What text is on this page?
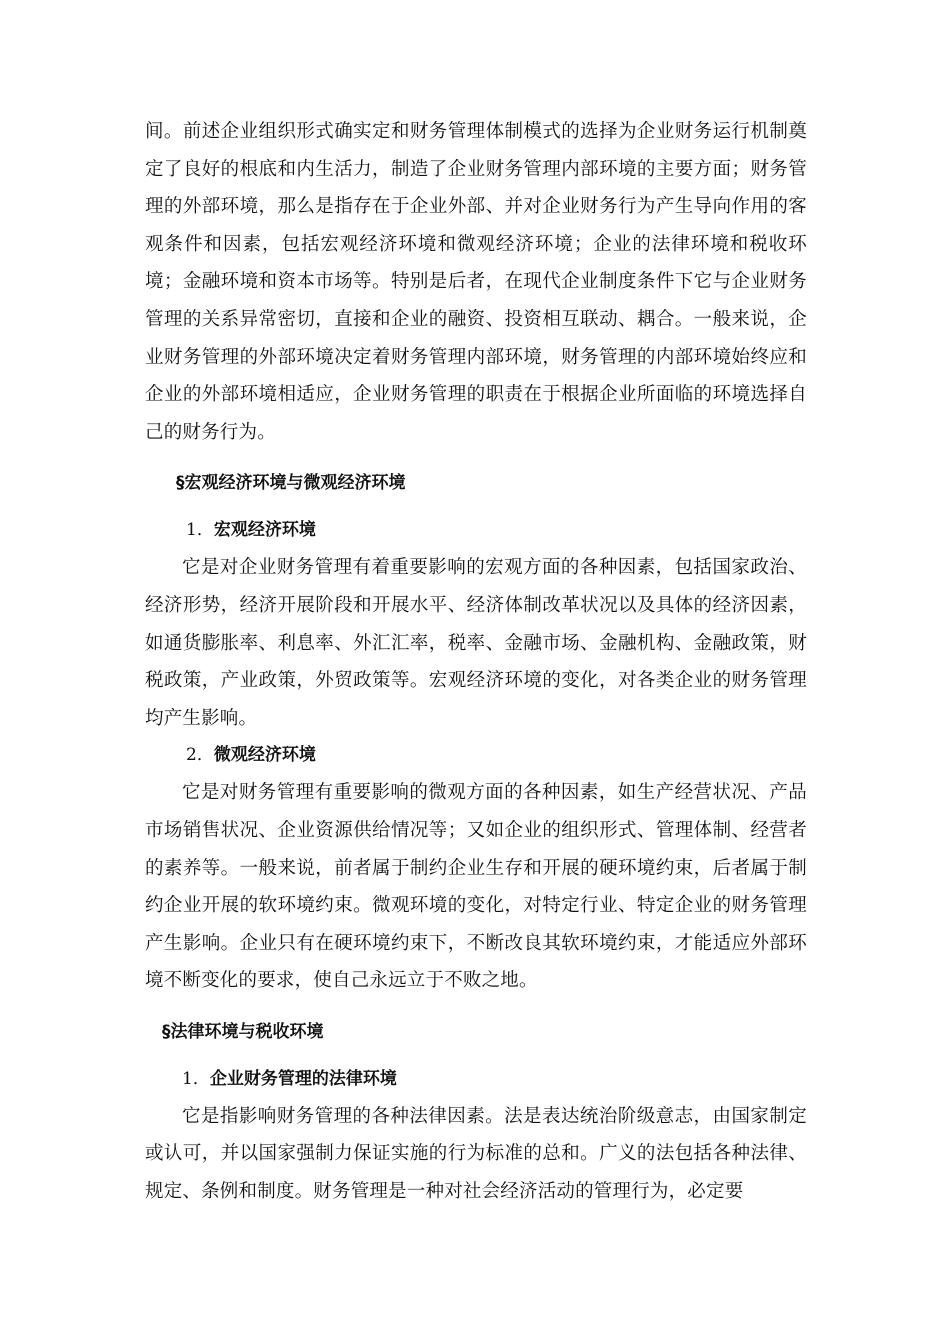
间。前述企业组织形式确实定和财务管理体制模式的选择为企业财务运行机制奠定了良好的根底和内生活力，制造了企业财务管理内部环境的主要方面；财务管理的外部环境，那么是指存在于企业外部、并对企业财务行为产生导向作用的客观条件和因素，包括宏观经济环境和微观经济环境；企业的法律环境和税收环境；金融环境和资本市场等。特别是后者，在现代企业制度条件下它与企业财务管理的关系异常密切，直接和企业的融资、投资相互联动、耦合。一般来说，企业财务管理的外部环境决定着财务管理内部环境，财务管理的内部环境始终应和企业的外部环境相适应，企业财务管理的职责在于根据企业所面临的环境选择自己的财务行为。

§宏观经济环境与微观经济环境

1．宏观经济环境

它是对企业财务管理有着重要影响的宏观方面的各种因素，包括国家政治、经济形势，经济开展阶段和开展水平、经济体制改革状况以及具体的经济因素，如通货膨胀率、利息率、外汇汇率，税率、金融市场、金融机构、金融政策，财税政策，产业政策，外贸政策等。宏观经济环境的变化，对各类企业的财务管理均产生影响。

2．微观经济环境

它是对财务管理有重要影响的微观方面的各种因素，如生产经营状况、产品市场销售状况、企业资源供给情况等；又如企业的组织形式、管理体制、经营者的素养等。一般来说，前者属于制约企业生存和开展的硬环境约束，后者属于制约企业开展的软环境约束。微观环境的变化，对特定行业、特定企业的财务管理产生影响。企业只有在硬环境约束下，不断改良其软环境约束，才能适应外部环境不断变化的要求，使自己永远立于不败之地。

§法律环境与税收环境

1．企业财务管理的法律环境

它是指影响财务管理的各种法律因素。法是表达统治阶级意志，由国家制定或认可，并以国家强制力保证实施的行为标准的总和。广义的法包括各种法律、规定、条例和制度。财务管理是一种对社会经济活动的管理行为，必定要
